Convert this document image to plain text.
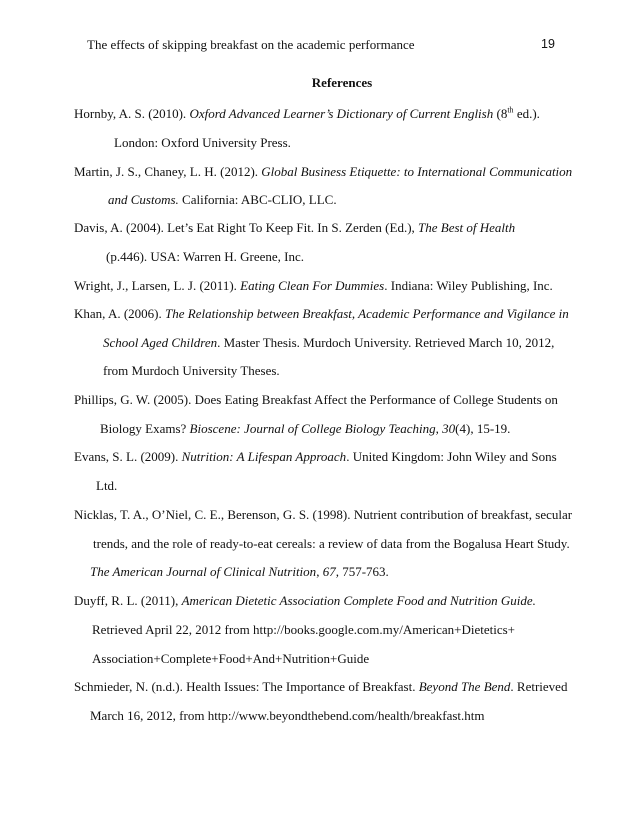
The effects of skipping breakfast on the academic performance	19
References
Hornby, A. S. (2010). Oxford Advanced Learner’s Dictionary of Current English (8th ed.).
London: Oxford University Press.
Martin, J. S., Chaney, L. H. (2012). Global Business Etiquette: to International Communication
and Customs. California: ABC-CLIO, LLC.
Davis, A. (2004). Let’s Eat Right To Keep Fit. In S. Zerden (Ed.), The Best of Health
(p.446). USA: Warren H. Greene, Inc.
Wright, J., Larsen, L. J. (2011). Eating Clean For Dummies. Indiana: Wiley Publishing, Inc.
Khan, A. (2006). The Relationship between Breakfast, Academic Performance and Vigilance in
School Aged Children. Master Thesis. Murdoch University. Retrieved March 10, 2012,
from Murdoch University Theses.
Phillips, G. W. (2005). Does Eating Breakfast Affect the Performance of College Students on
Biology Exams? Bioscene: Journal of College Biology Teaching, 30(4), 15-19.
Evans, S. L. (2009). Nutrition: A Lifespan Approach. United Kingdom: John Wiley and Sons
Ltd.
Nicklas, T. A., O’Niel, C. E., Berenson, G. S. (1998). Nutrient contribution of breakfast, secular
trends, and the role of ready-to-eat cereals: a review of data from the Bogalusa Heart Study.
The American Journal of Clinical Nutrition, 67, 757-763.
Duyff, R. L. (2011), American Dietetic Association Complete Food and Nutrition Guide.
Retrieved April 22, 2012 from http://books.google.com.my/American+Dietetics+
Association+Complete+Food+And+Nutrition+Guide
Schmieder, N. (n.d.). Health Issues: The Importance of Breakfast. Beyond The Bend. Retrieved
March 16, 2012, from http://www.beyondthebend.com/health/breakfast.htm
